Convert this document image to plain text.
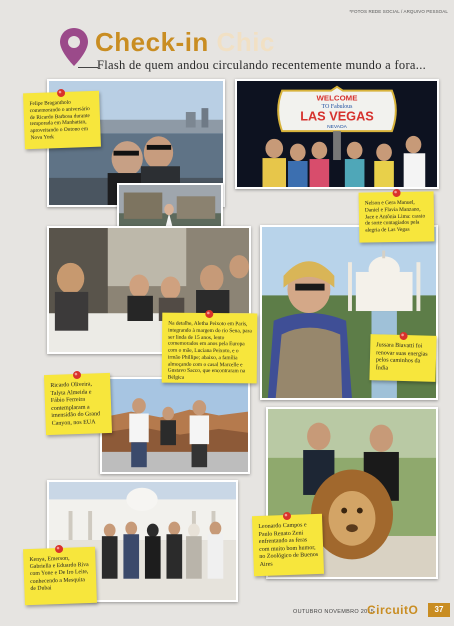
*FOTOS REDE SOCIAL / ARQUIVO PESSOAL
Check-in Chic
Flash de quem andou circulando recentemente mundo a fora...
WELCOME
TO Fabulous
LAS VEGAS
NEVADA
Felipe Bragantholo comemorando o aniversário de Ricardo Barbosa durante temporada em Manhattan, aproveitando o Outono em Nova York
Nelson e Gera Manuel, Daniel e Flavia Manzano, Jace e Antônia Lima: cassio de sorte contagiados pela alegria de Las Vegas
Na detalhe, Aletha Peixoto em Paris, integrando à margem do rio Sena, para ser linda de 15 anos, lento comemorados em anos pela Europa com o mãe, Luciana Peixoto, e o irmão Phillipe; abaixo, a família almoçando com o casal Marcelle e Gustavo Sacco, que encontraram na Bélgica
Jussara Biavatti foi renovar suas energias pelos caminhos da Índia
Ricardo Oliveira, Talyta Almeida e Fábio Ferreira contemplaram a imensidão do Grand Canyon, nos EUA
Leonardo Campos e Paulo Renato Zeni enfrentando as feras com muito bom humor, no Zoológico de Buenos Aires
Kenya, Emerson, Gabriella e Eduardo Riva com Yone e De Iro Leite, conhecendo a Mesquita de Dubai
OUTUBRO NOVEMBRO 2015
CircuitO	37
